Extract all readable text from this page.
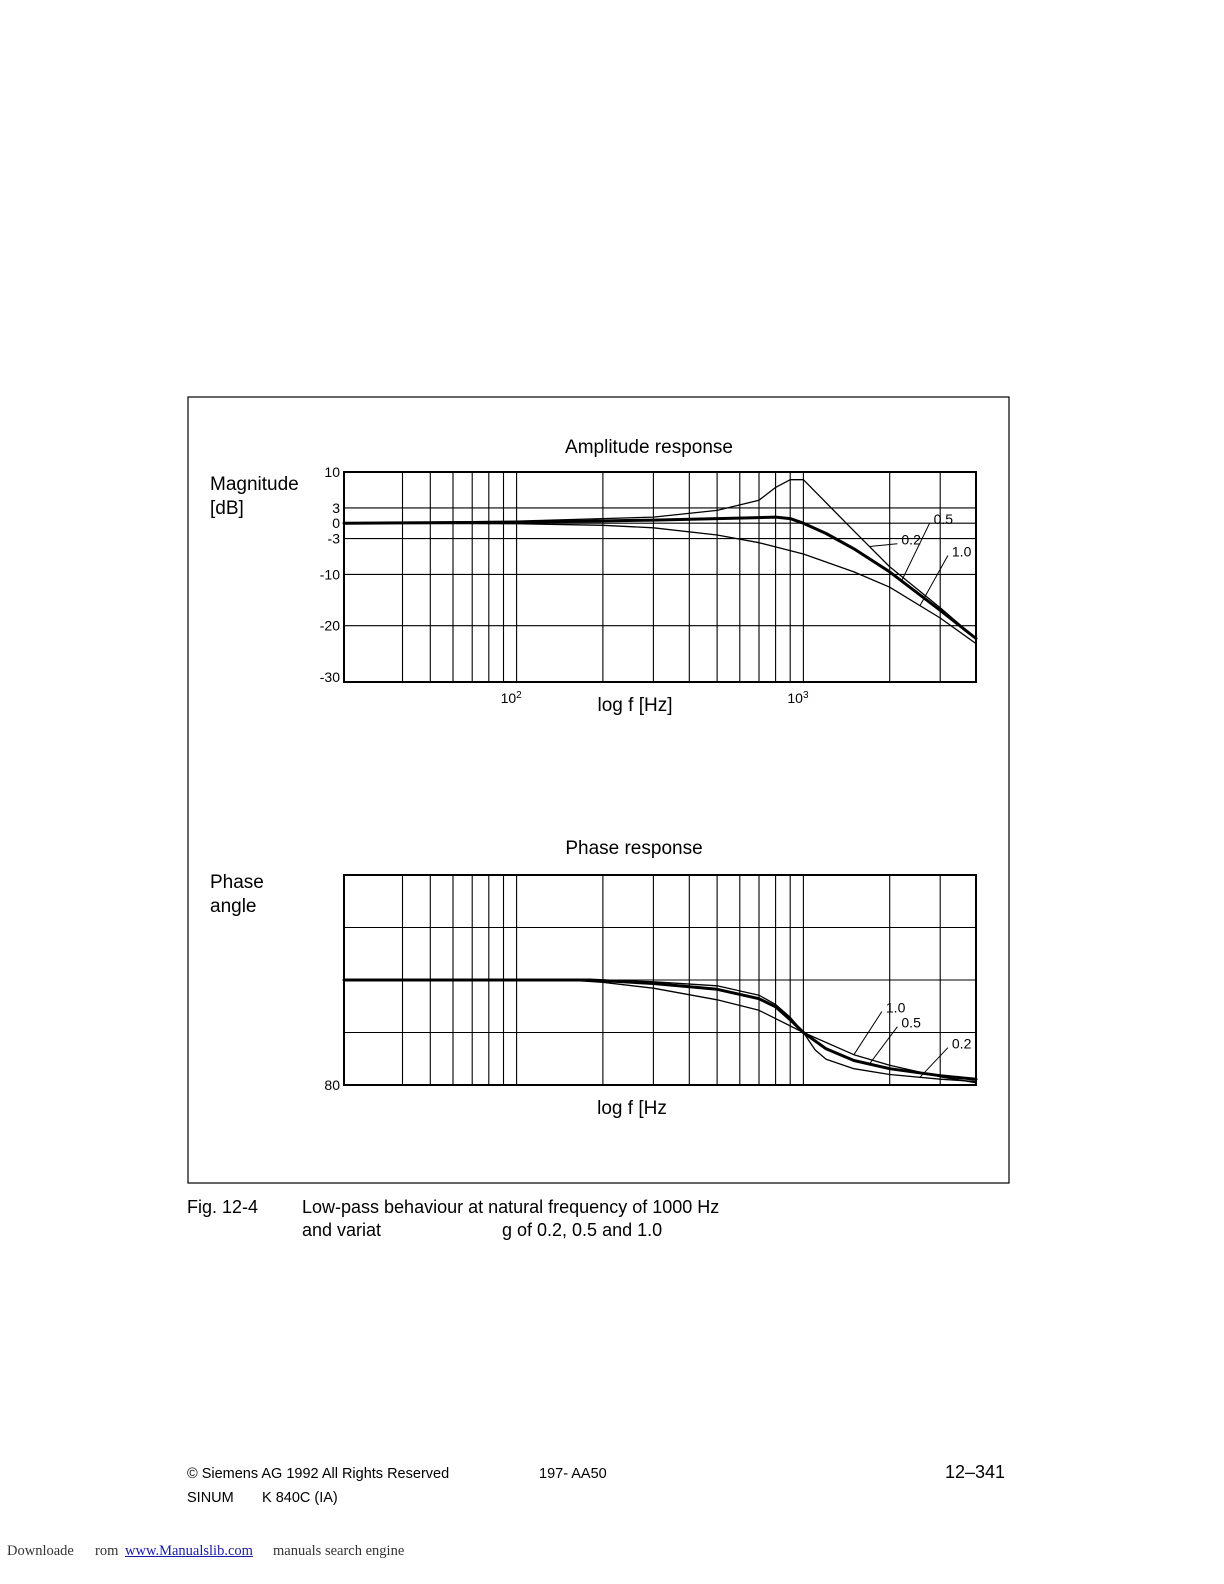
Amplitude response
Magnitude
[dB]
log f [Hz]
10
3
0
-3
-10
-20
-30
$10^2$	$10^3$
0.2
0.5
1.0
Phase response
Phase
angle
log f [Hz
80
1.0
0.5
0.2

Fig. 12-4 Low-pass behaviour at natural frequency of 1000 Hz

and variat	g of 0.2, 0.5 and 1.0

© Siemens AG 1992 All Rights Reserved	197- AA50	12–341

SINUM K 840C (IA)

Downloade rom www.Manualslib.com manuals search engine
